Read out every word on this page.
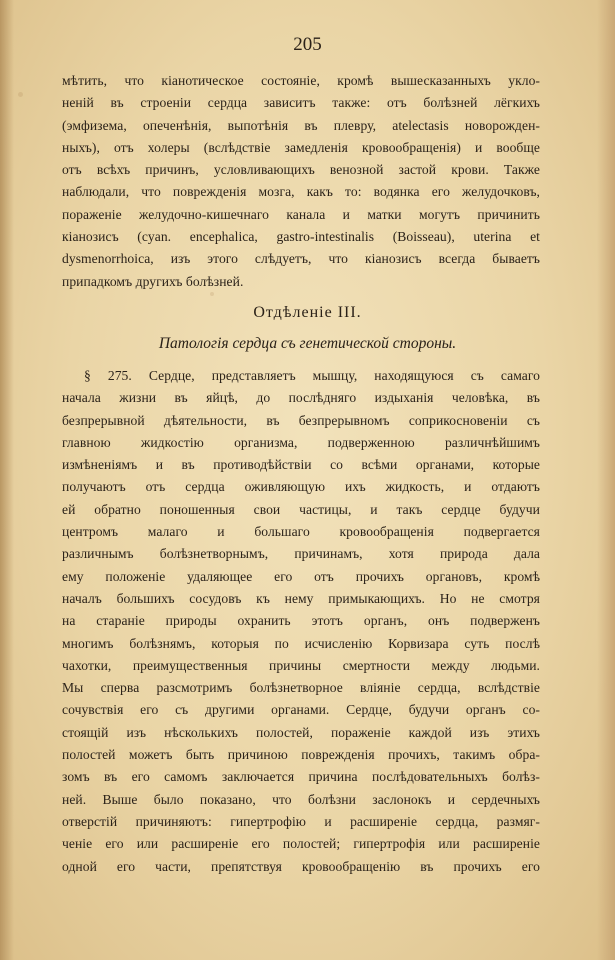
205
мѣтить, что кіанотическое состояніе, кромѣ вышесказанныхъ укло-
неній въ строеніи сердца зависитъ также: отъ болѣзней лёгкихъ
(эмфизема, опеченѣнія, выпотѣнія въ плевру, atelectasis новорожден-
ныхъ), отъ холеры (вслѣдствіе замедленія кровообращенія) и вообще
отъ всѣхъ причинъ, условливающихъ венозной застой крови. Также
наблюдали, что поврежденія мозга, какъ то: водянка его желудочковъ,
пораженіе желудочно-кишечнаго канала и матки могутъ причинить
кіанозисъ (cyan. encephalica, gastro-intestinalis (Boisseau), uterina et
dysmenorrhoica, изъ этого слѣдуетъ, что кіанозисъ всегда бываетъ
припадкомъ другихъ болѣзней.
Отдѣленіе III.
Патологія сердца съ генетической стороны.
§ 275. Сердце, представляетъ мышцу, находящуюся съ самаго
начала жизни въ яйцѣ, до послѣдняго издыханія человѣка, въ
безпрерывной дѣятельности, въ безпрерывномъ соприкосновеніи съ
главною жидкостію организма, подверженною различнѣйшимъ
измѣненіямъ и въ противодѣйствіи со всѣми органами, которые
получаютъ отъ сердца оживляющую ихъ жидкость, и отдаютъ
ей обратно поношенныя свои частицы, и такъ сердце будучи
центромъ малаго и большаго кровообращенія подвергается
различнымъ болѣзнетворнымъ, причинамъ, хотя природа дала
ему положеніе удаляющее его отъ прочихъ органовъ, кромѣ
началъ большихъ сосудовъ къ нему примыкающихъ. Но не смотря
на стараніе природы охранить этотъ органъ, онъ подверженъ
многимъ болѣзнямъ, которыя по исчисленію Корвизара суть послѣ
чахотки, преимущественныя причины смертности между людьми.
Мы сперва разсмотримъ болѣзнетворное вліяніе сердца, вслѣдствіе
сочувствія его съ другими органами. Сердце, будучи органъ со-
стоящій изъ нѣсколькихъ полостей, пораженіе каждой изъ этихъ
полостей можетъ быть причиною поврежденія прочихъ, такимъ обра-
зомъ въ его самомъ заключается причина послѣдовательныхъ болѣз-
ней. Выше было показано, что болѣзни заслонокъ и сердечныхъ
отверстій причиняютъ: гипертрофію и расширеніе сердца, размяг-
ченіе его или расширеніе его полостей; гипертрофія или расширеніе
одной его части, препятствуя кровообращенію въ прочихъ его
